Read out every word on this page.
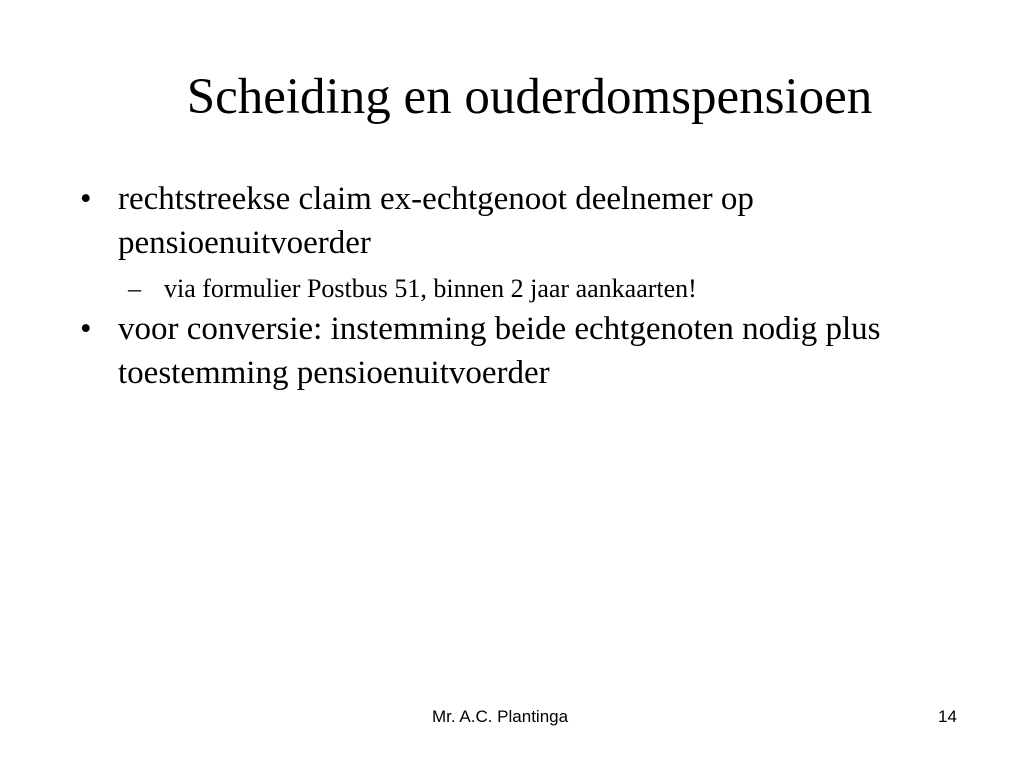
Scheiding en ouderdomspensioen
• rechtstreekse claim ex-echtgenoot deelnemer op pensioenuitvoerder
– via formulier Postbus 51, binnen 2 jaar aankaarten!
• voor conversie: instemming beide echtgenoten nodig plus toestemming pensioenuitvoerder
Mr. A.C. Plantinga	14
